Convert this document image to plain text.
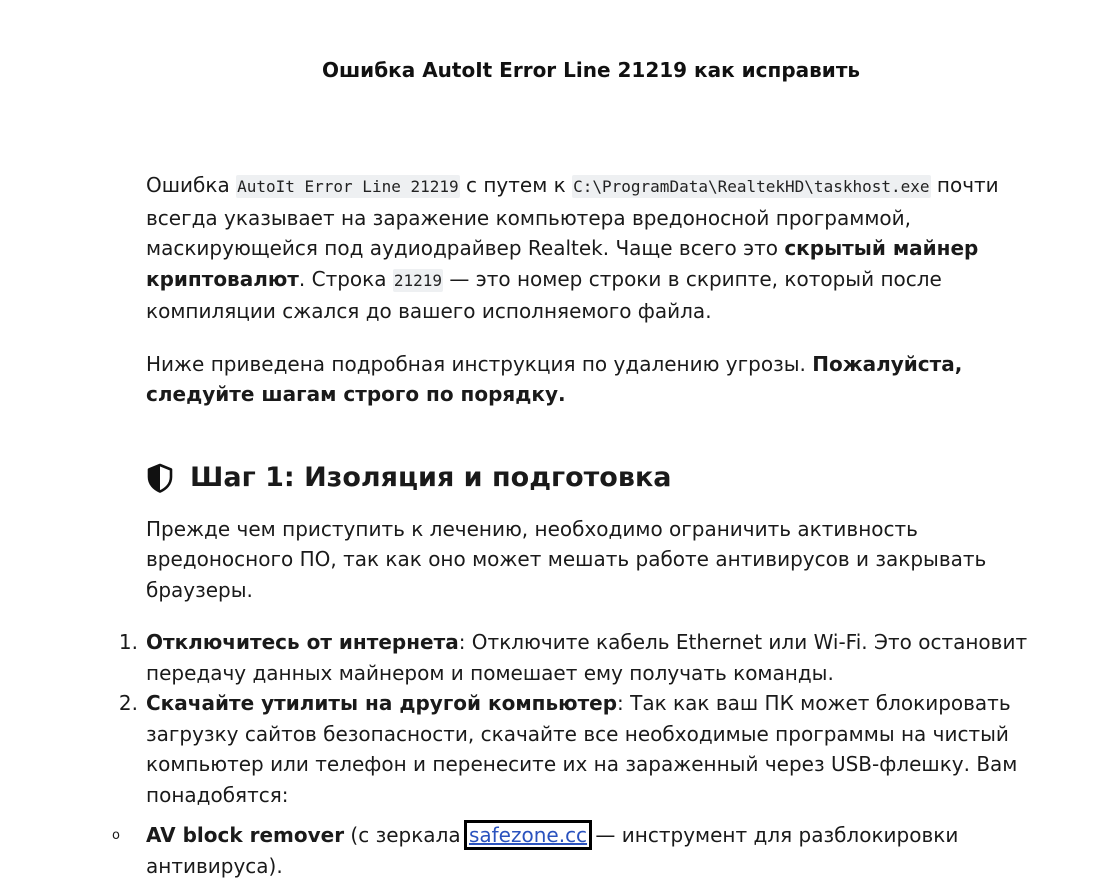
Ошибка AutoIt Error Line 21219 как исправить

Ошибка AutoIt Error Line 21219 с путем к C:\ProgramData\RealtekHD\taskhost.exe почти всегда указывает на заражение компьютера вредоносной программой, маскирующейся под аудиодрайвер Realtek. Чаще всего это скрытый майнер криптовалют. Строка 21219 — это номер строки в скрипте, который после компиляции сжался до вашего исполняемого файла.

Ниже приведена подробная инструкция по удалению угрозы. Пожалуйста, следуйте шагам строго по порядку.

Шаг 1: Изоляция и подготовка

Прежде чем приступить к лечению, необходимо ограничить активность вредоносного ПО, так как оно может мешать работе антивирусов и закрывать браузеры.

1. Отключитесь от интернета: Отключите кабель Ethernet или Wi-Fi. Это остановит передачу данных майнером и помешает ему получать команды.
2. Скачайте утилиты на другой компьютер: Так как ваш ПК может блокировать загрузку сайтов безопасности, скачайте все необходимые программы на чистый компьютер или телефон и перенесите их на зараженный через USB-флешку. Вам понадобятся:
o AV block remover (с зеркала safezone.cc — инструмент для разблокировки антивируса).
